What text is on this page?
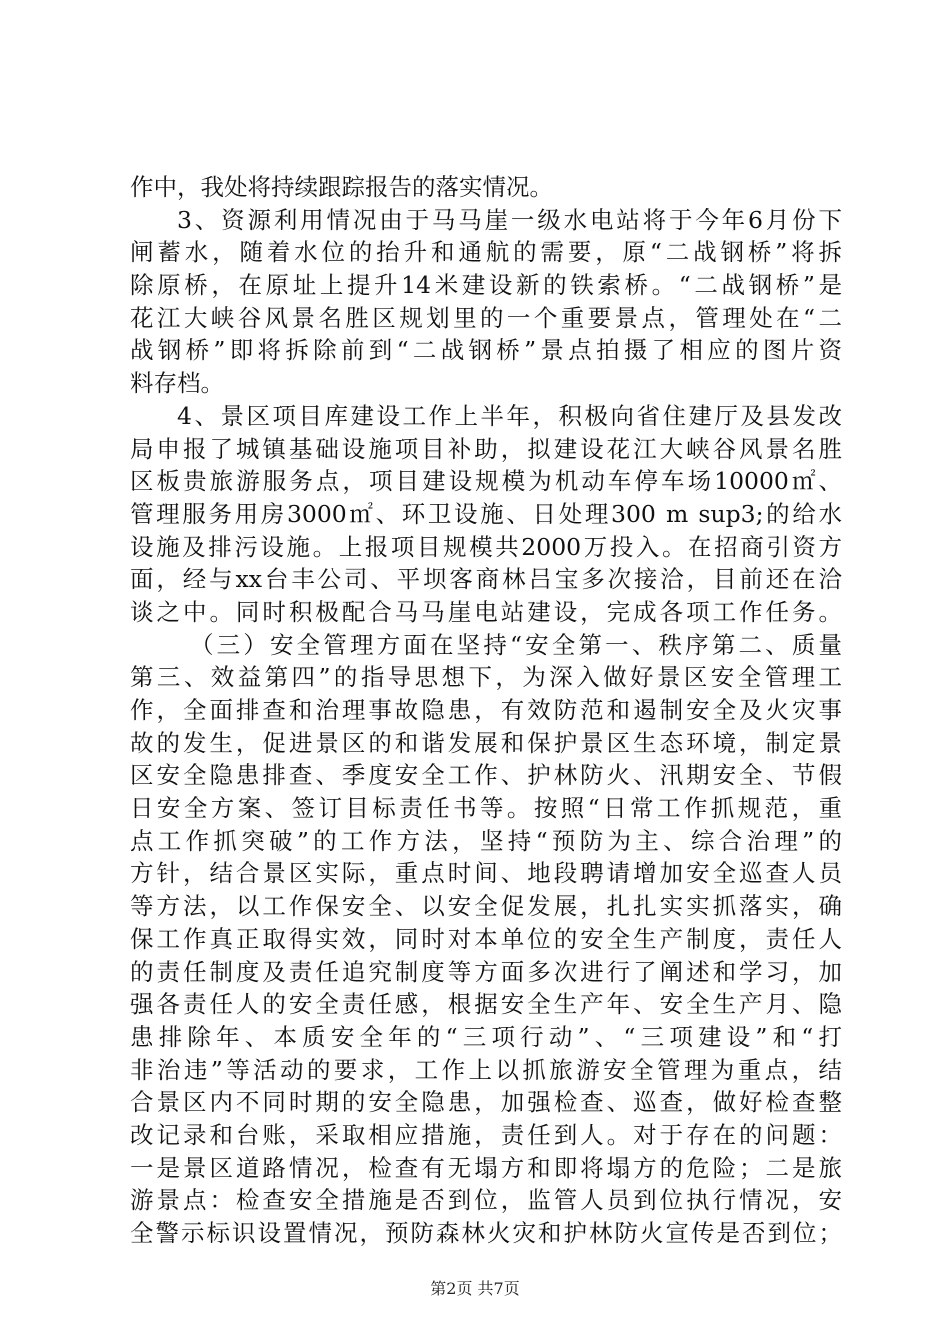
作中，我处将持续跟踪报告的落实情况。
3、资源利用情况由于马马崖一级水电站将于今年6月份下
闸蓄水，随着水位的抬升和通航的需要，原“二战钢桥”将拆
除原桥，在原址上提升14米建设新的铁索桥。“二战钢桥”是
花江大峡谷风景名胜区规划里的一个重要景点，管理处在“二
战钢桥”即将拆除前到“二战钢桥”景点拍摄了相应的图片资
料存档。
4、景区项目库建设工作上半年，积极向省住建厅及县发改
局申报了城镇基础设施项目补助，拟建设花江大峡谷风景名胜
区板贵旅游服务点，项目建设规模为机动车停车场10000㎡、
管理服务用房3000㎡、环卫设施、日处理300 m sup3;的给水
设施及排污设施。上报项目规模共2000万投入。在招商引资方
面，经与xx台丰公司、平坝客商林吕宝多次接洽，目前还在洽
谈之中。同时积极配合马马崖电站建设，完成各项工作任务。
（三）安全管理方面在坚持“安全第一、秩序第二、质量
第三、效益第四”的指导思想下，为深入做好景区安全管理工
作，全面排查和治理事故隐患，有效防范和遏制安全及火灾事
故的发生，促进景区的和谐发展和保护景区生态环境，制定景
区安全隐患排查、季度安全工作、护林防火、汛期安全、节假
日安全方案、签订目标责任书等。按照“日常工作抓规范，重
点工作抓突破”的工作方法，坚持“预防为主、综合治理”的
方针，结合景区实际，重点时间、地段聘请增加安全巡查人员
等方法，以工作保安全、以安全促发展，扎扎实实抓落实，确
保工作真正取得实效，同时对本单位的安全生产制度，责任人
的责任制度及责任追究制度等方面多次进行了阐述和学习，加
强各责任人的安全责任感，根据安全生产年、安全生产月、隐
患排除年、本质安全年的“三项行动”、“三项建设”和“打
非治违”等活动的要求，工作上以抓旅游安全管理为重点，结
合景区内不同时期的安全隐患，加强检查、巡查，做好检查整
改记录和台账，采取相应措施，责任到人。对于存在的问题：
一是景区道路情况，检查有无塌方和即将塌方的危险；二是旅
游景点：检查安全措施是否到位，监管人员到位执行情况，安
全警示标识设置情况，预防森林火灾和护林防火宣传是否到位；
第2页 共7页
